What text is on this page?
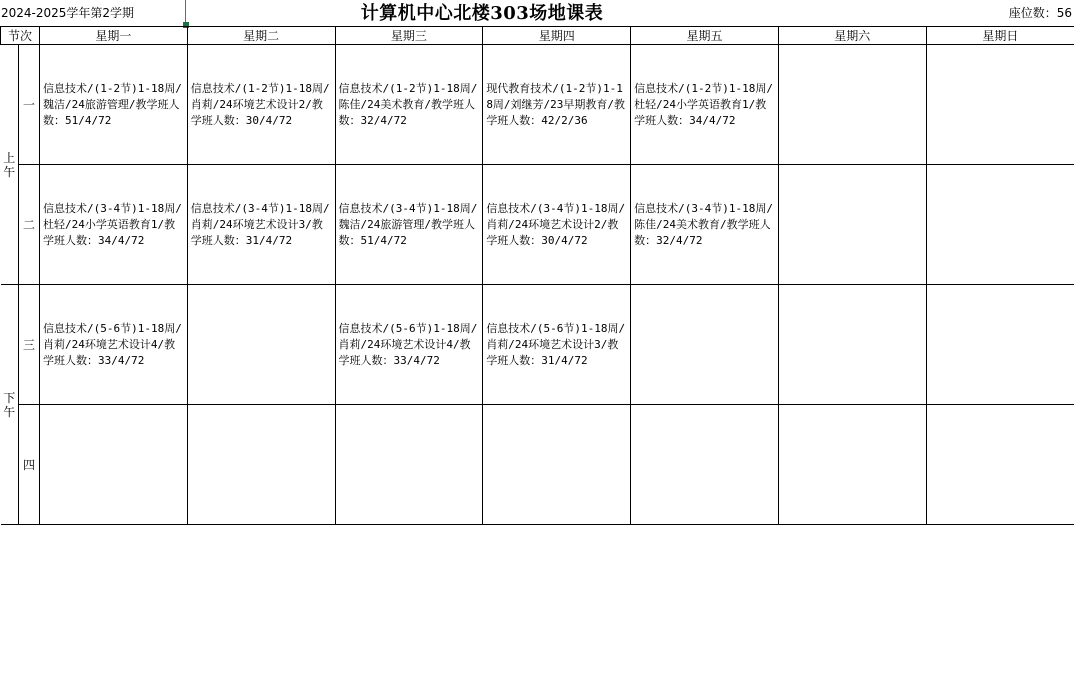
2024-2025学年第2学期	计算机中心北楼303场地课表	座位数：56
节次		星期一	星期二	星期三	星期四	星期五	星期六	星期日

上
午	一	信息技术/(1-2节)1-18周/魏洁/24旅游管理/教学班人数：51/4/72	信息技术/(1-2节)1-18周/肖莉/24环境艺术设计2/教学班人数：30/4/72	信息技术/(1-2节)1-18周/陈佳/24美术教育/教学班人数：32/4/72	现代教育技术/(1-2节)1-18周/刘继芳/23早期教育/教学班人数：42/2/36	信息技术/(1-2节)1-18周/杜轻/24小学英语教育1/教学班人数：34/4/72		

	二	信息技术/(3-4节)1-18周/杜轻/24小学英语教育1/教学班人数：34/4/72	信息技术/(3-4节)1-18周/肖莉/24环境艺术设计3/教学班人数：31/4/72	信息技术/(3-4节)1-18周/魏洁/24旅游管理/教学班人数：51/4/72	信息技术/(3-4节)1-18周/肖莉/24环境艺术设计2/教学班人数：30/4/72	信息技术/(3-4节)1-18周/陈佳/24美术教育/教学班人数：32/4/72		

下
午	三	信息技术/(5-6节)1-18周/肖莉/24环境艺术设计4/教学班人数：33/4/72		信息技术/(5-6节)1-18周/肖莉/24环境艺术设计4/教学班人数：33/4/72	信息技术/(5-6节)1-18周/肖莉/24环境艺术设计3/教学班人数：31/4/72			

	四	
